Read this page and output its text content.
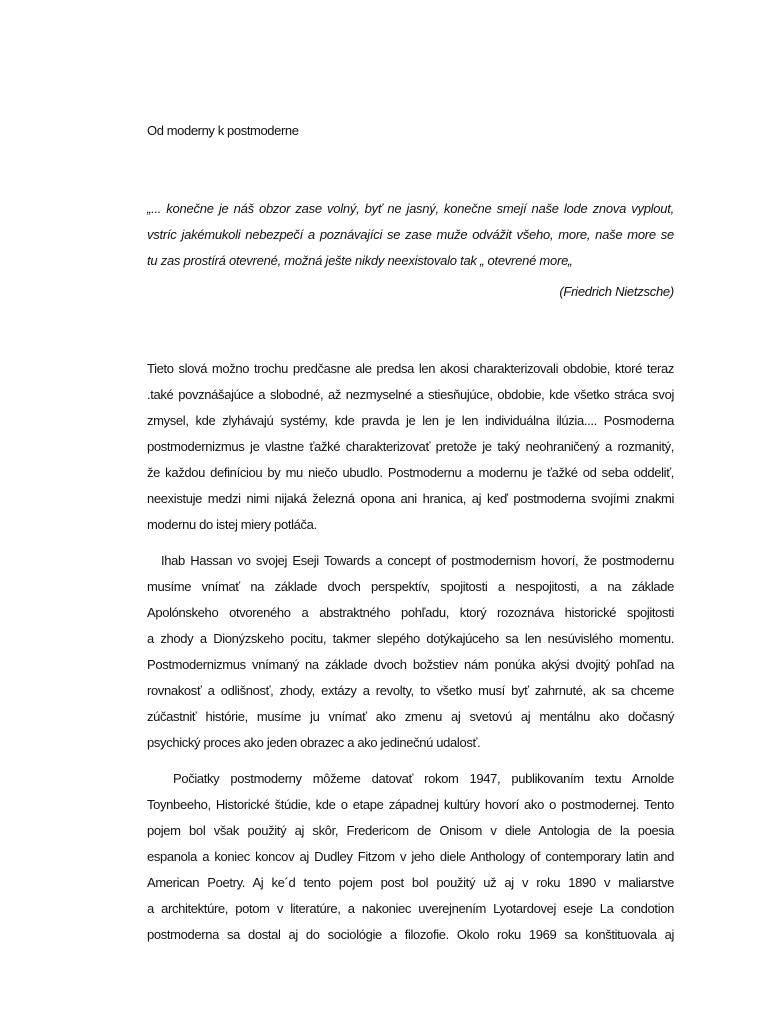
Od moderny k postmoderne
„... konečne je náš obzor zase volný, byť ne jasný, konečne smejí naše lode znova vyplout,
vstríc jakémukoli nebezpečí a poznávajíci se zase muže odvážit všeho, more, naše more se
tu zas prostírá otevrené, možná ješte nikdy neexistovalo tak „ otevrené more„
(Friedrich Nietzsche)

Tieto slová možno trochu predčasne ale predsa len akosi charakterizovali obdobie, ktoré teraz
.také povznášajúce a slobodné, až nezmyselné a stiesňujúce, obdobie, kde všetko stráca svoj
zmysel, kde zlyhávajú systémy, kde pravda je len je len individuálna ilúzia.... Posmoderna
postmodernizmus je vlastne ťažké charakterizovať pretože je taký neohraničený a rozmanitý,
že každou definíciou by mu niečo ubudlo. Postmodernu a modernu je ťažké od seba oddeliť,
neexistuje medzi nimi nijaká železná opona ani hranica, aj keď postmoderna svojími znakmi
modernu do istej miery potláča.

Ihab Hassan vo svojej Eseji Towards a concept of postmodernism hovorí, že postmodernu
musíme vnímať na základe dvoch perspektív, spojitosti a nespojitosti, a na základe
Apolónskeho otvoreného a abstraktného pohľadu, ktorý rozoznáva historické spojitosti
a zhody a Dionýzskeho pocitu, takmer slepého dotýkajúceho sa len nesúvislého momentu.
Postmodernizmus vnímaný na základe dvoch božstiev nám ponúka akýsi dvojitý pohľad na
rovnakosť a odlišnosť, zhody, extázy a revolty, to všetko musí byť zahrnuté, ak sa chceme
zúčastniť histórie, musíme ju vnímať ako zmenu aj svetovú aj mentálnu ako dočasný
psychický proces ako jeden obrazec a ako jedinečnú udalosť.

Počiatky postmoderny môžeme datovať rokom 1947, publikovaním textu Arnolde
Toynbeeho, Historické štúdie, kde o etape západnej kultúry hovorí ako o postmodernej. Tento
pojem bol však použitý aj skôr, Fredericom de Onisom v diele Antologia de la poesia
espanola a koniec koncov aj Dudley Fitzom v jeho diele Anthology of contemporary latin and
American Poetry. Aj ke´d tento pojem post bol použitý už aj v roku 1890 v maliarstve
a architektúre, potom v literatúre, a nakoniec uverejnením Lyotardovej eseje La condotion
postmoderna sa dostal aj do sociológie a filozofie. Okolo roku 1969 sa konštituovala aj
